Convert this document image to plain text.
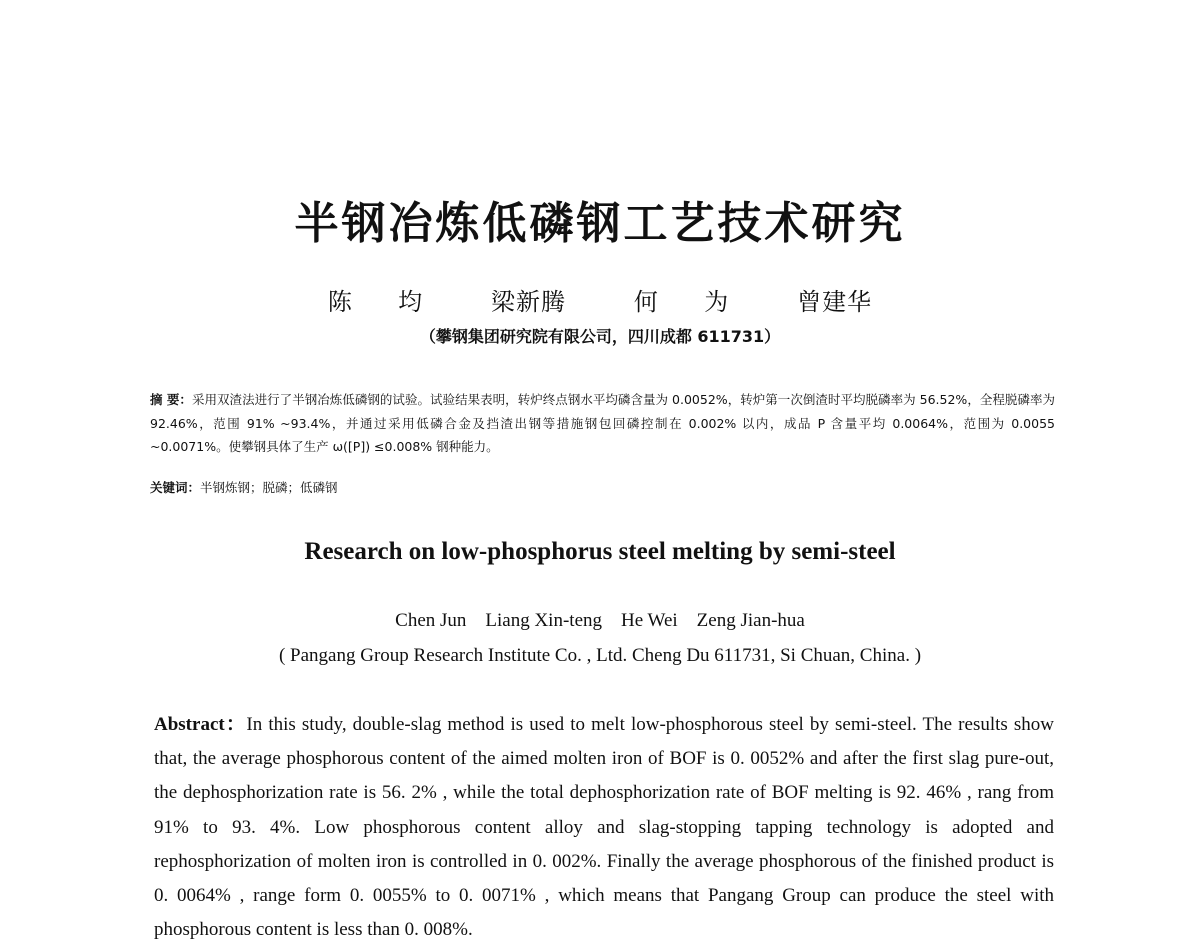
半钢冶炼低磷钢工艺技术研究
陈  均   梁新腾   何  为   曾建华
（攀钢集团研究院有限公司，四川成都 611731）
摘 要：采用双渣法进行了半钢冶炼低磷钢的试验。试验结果表明，转炉终点钢水平均磷含量为 0.0052%，转炉第一次倒渣时平均脱磷率为 56.52%，全程脱磷率为 92.46%，范围 91% ~93.4%，并通过采用低磷合金及挡渣出钢等措施钢包回磷控制在 0.002% 以内，成品 P 含量平均 0.0064%，范围为 0.0055 ~0.0071%。使攀钢具体了生产 ω([P]) ≤0.008% 钢种能力。
关键词：半钢炼钢；脱磷；低磷钢
Research on low-phosphorus steel melting by semi-steel
Chen Jun    Liang Xin-teng    He Wei    Zeng Jian-hua
( Pangang Group Research Institute Co. , Ltd. Cheng Du 611731, Si Chuan, China. )
Abstract：In this study, double-slag method is used to melt low-phosphorous steel by semi-steel. The results show that, the average phosphorous content of the aimed molten iron of BOF is 0. 0052% and after the first slag pure-out, the dephosphorization rate is 56. 2% , while the total dephosphorization rate of BOF melting is 92. 46% , rang from 91% to 93. 4%. Low phosphorous content alloy and slag-stopping tapping technology is adopted and rephosphorization of molten iron is controlled in 0. 002%. Finally the average phosphorous of the finished product is 0. 0064% , range form 0. 0055% to 0. 0071% , which means that Pangang Group can produce the steel with phosphorous content is less than 0. 008%.
